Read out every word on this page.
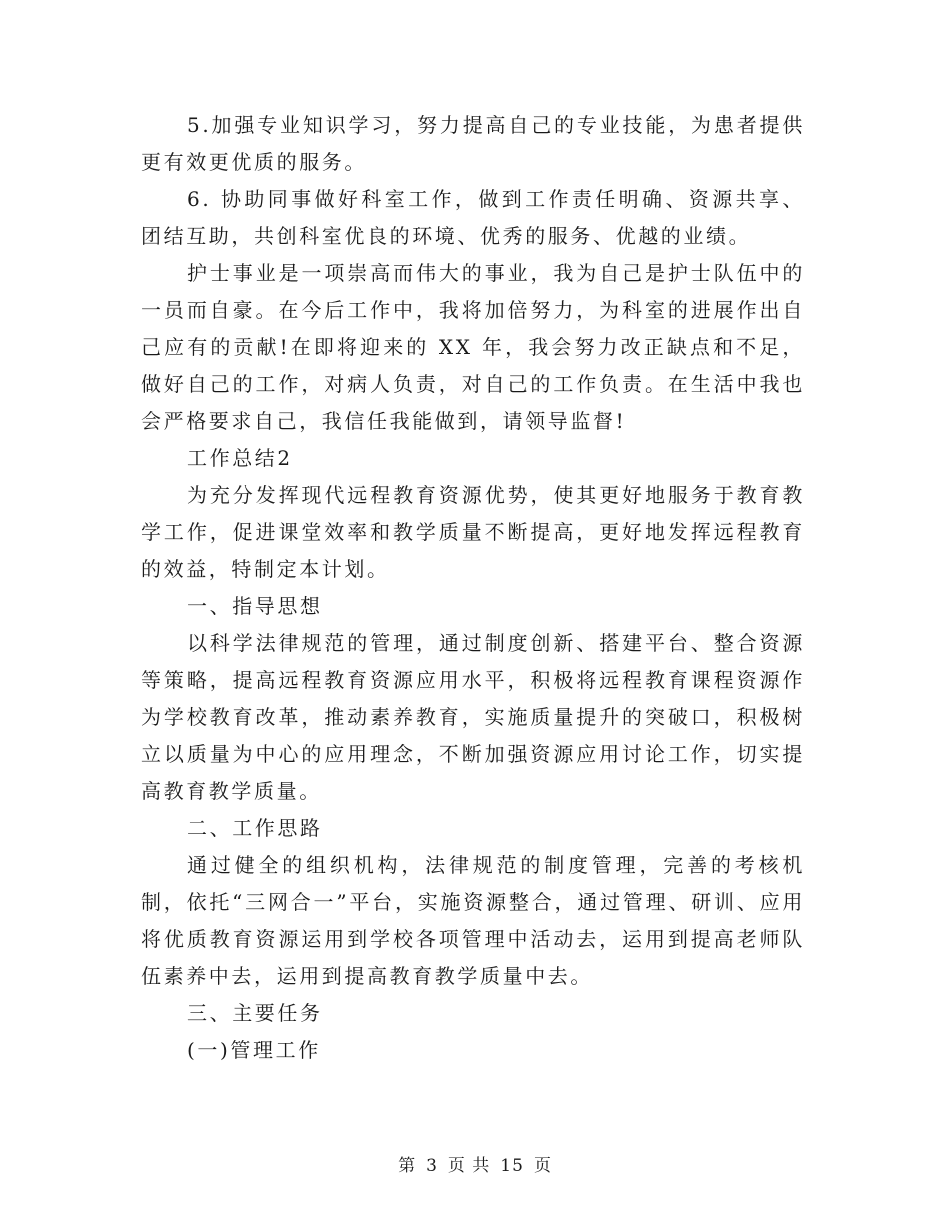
5.加强专业知识学习，努力提高自己的专业技能，为患者提供更有效更优质的服务。

6. 协助同事做好科室工作，做到工作责任明确、资源共享、团结互助，共创科室优良的环境、优秀的服务、优越的业绩。

护士事业是一项崇高而伟大的事业，我为自己是护士队伍中的一员而自豪。在今后工作中，我将加倍努力，为科室的进展作出自己应有的贡献!在即将迎来的 XX 年，我会努力改正缺点和不足，做好自己的工作，对病人负责，对自己的工作负责。在生活中我也会严格要求自己，我信任我能做到，请领导监督!

工作总结2

为充分发挥现代远程教育资源优势，使其更好地服务于教育教学工作，促进课堂效率和教学质量不断提高，更好地发挥远程教育的效益，特制定本计划。

一、指导思想

以科学法律规范的管理，通过制度创新、搭建平台、整合资源等策略，提高远程教育资源应用水平，积极将远程教育课程资源作为学校教育改革，推动素养教育，实施质量提升的突破口，积极树立以质量为中心的应用理念，不断加强资源应用讨论工作，切实提高教育教学质量。

二、工作思路

通过健全的组织机构，法律规范的制度管理，完善的考核机制，依托“三网合一”平台，实施资源整合，通过管理、研训、应用将优质教育资源运用到学校各项管理中活动去，运用到提高老师队伍素养中去，运用到提高教育教学质量中去。

三、主要任务

(一)管理工作

第 3 页 共 15 页
